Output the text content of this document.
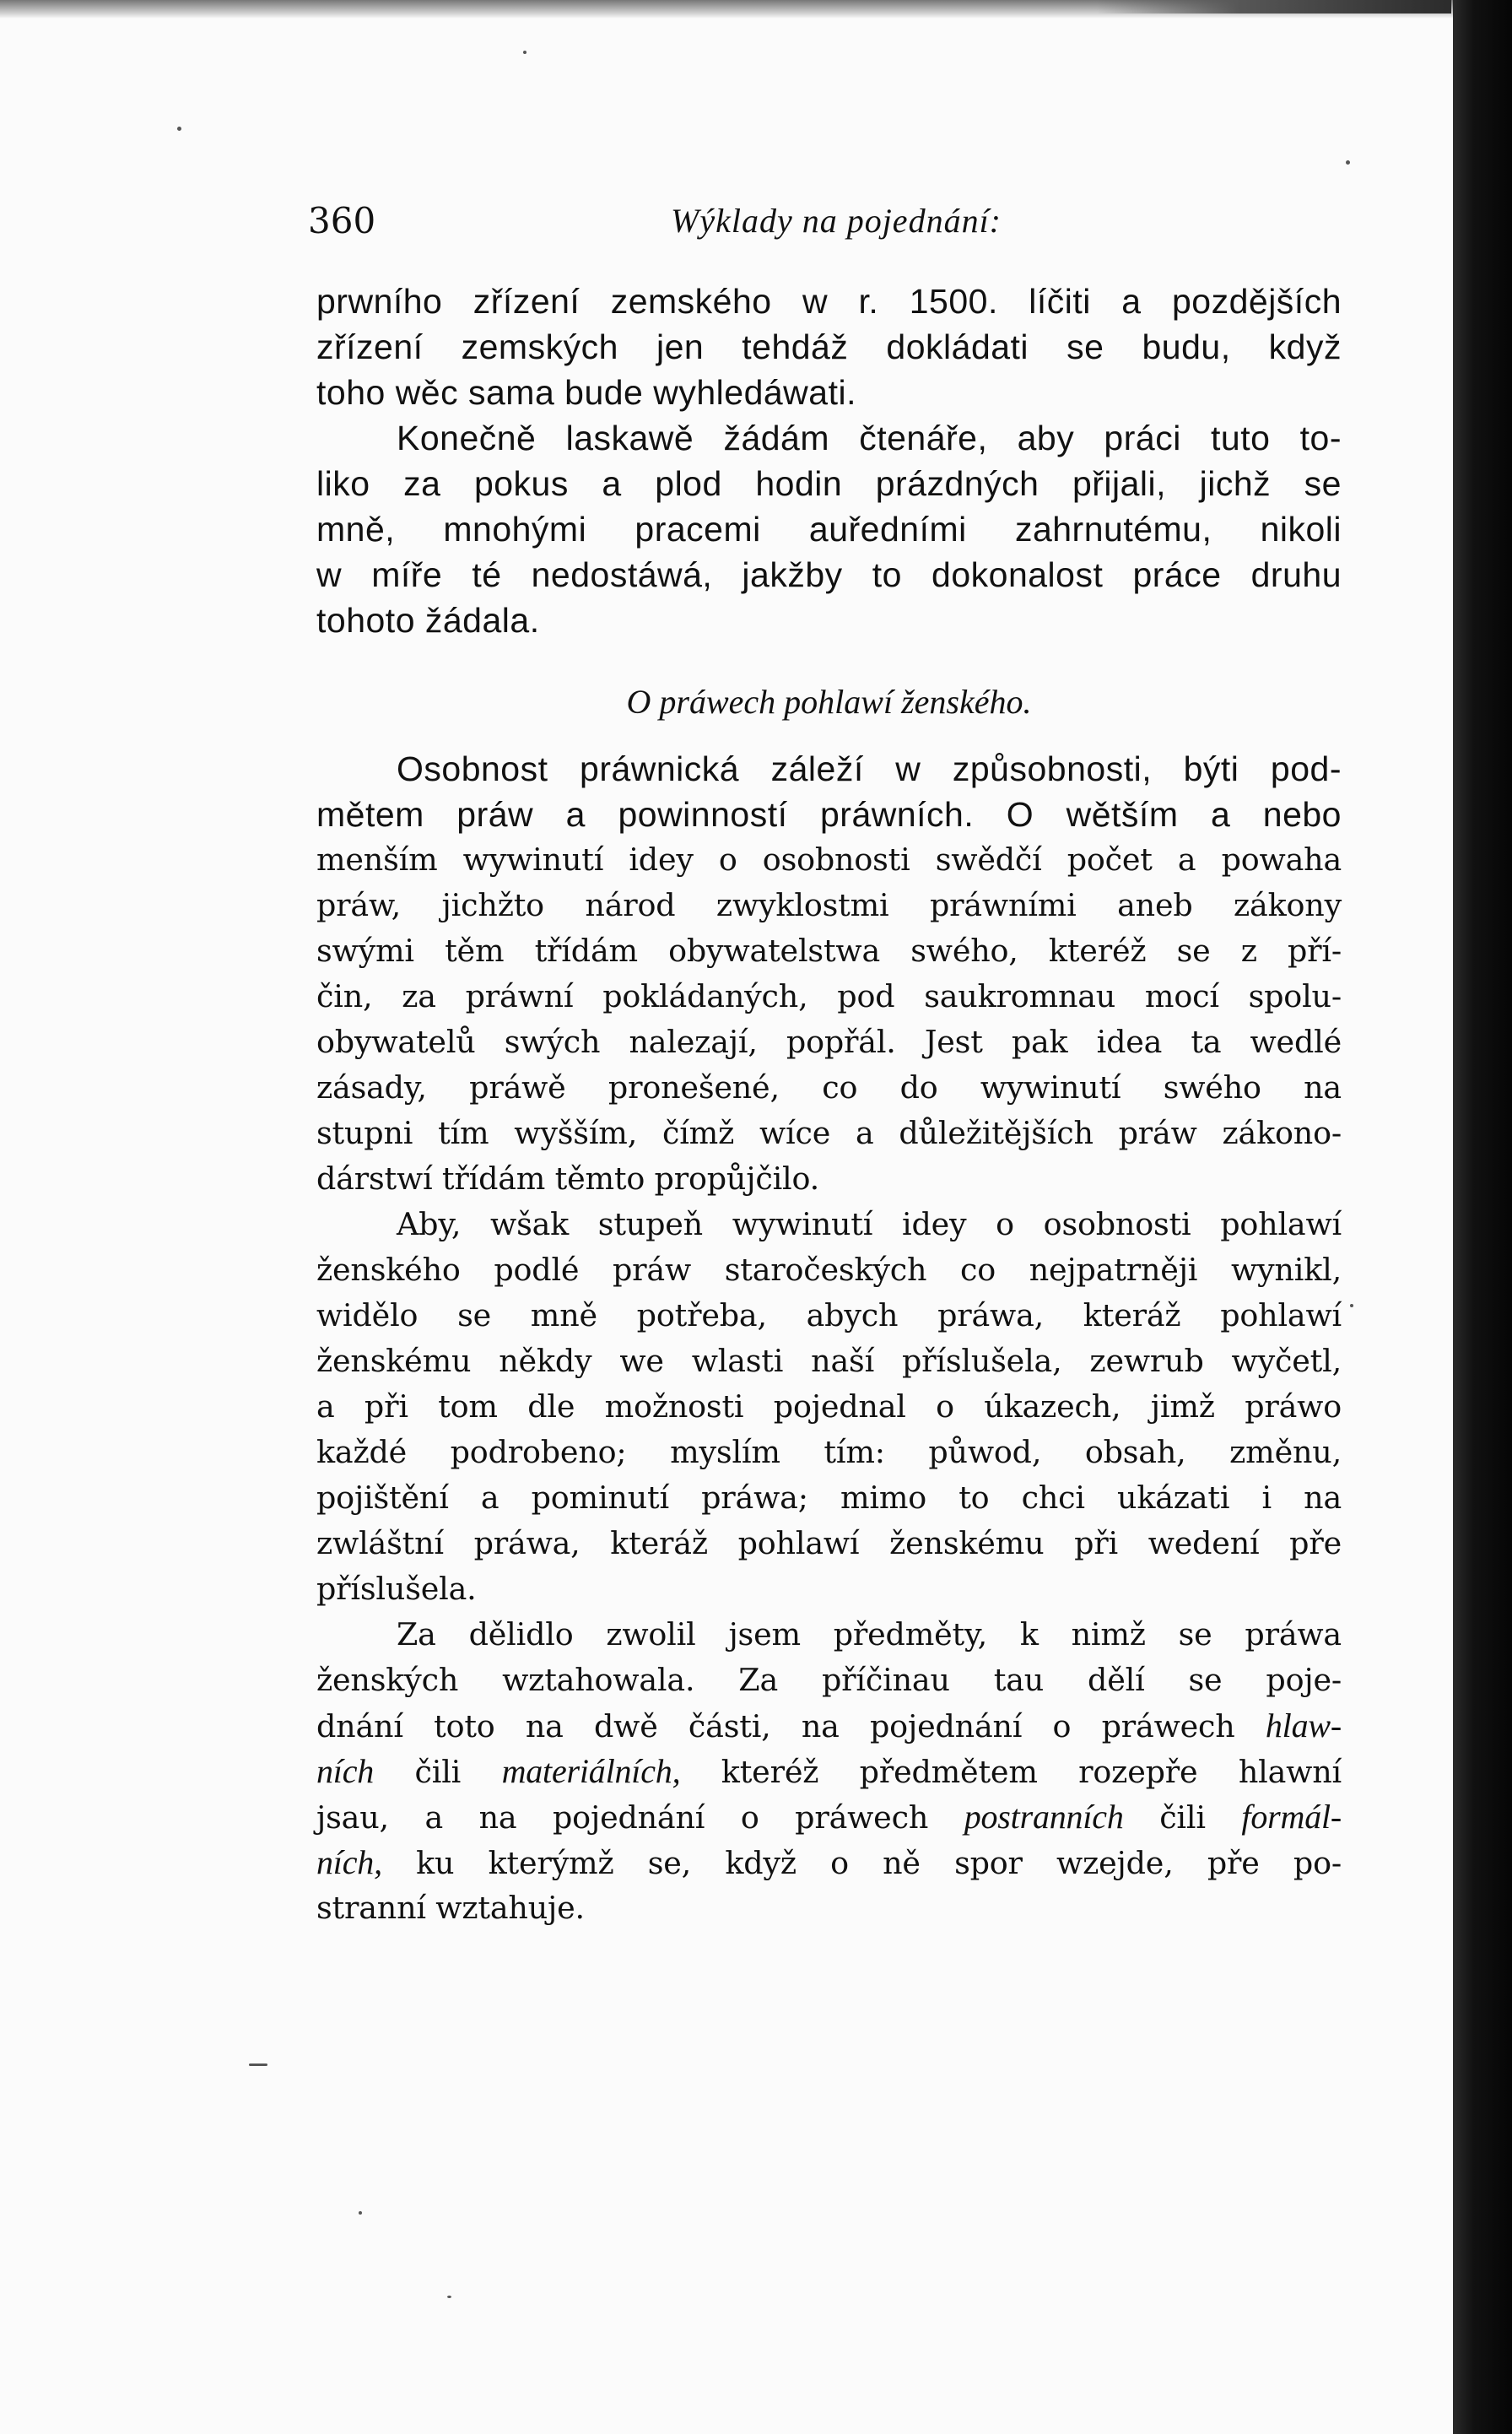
360	Wýklady na pojednání:
prwního zřízení zemského w r. 1500. líčiti a pozdějších
zřízení zemských jen tehdáž dokládati se budu, když
toho wěc sama bude wyhledáwati.
Konečně laskawě žádám čtenáře, aby práci tuto to-
liko za pokus a plod hodin prázdných přijali, jichž se
mně, mnohými pracemi auředními zahrnutému, nikoli
w míře té nedostáwá, jakžby to dokonalost práce druhu
tohoto žádala.
O práwech pohlawí ženského.
Osobnost práwnická záleží w způsobnosti, býti pod-
mětem práw a powinností práwních. O wětším a nebo
menším wywinutí idey o osobnosti swědčí počet a powaha
práw, jichžto národ zwyklostmi práwními aneb zákony
swými těm třídám obywatelstwa swého, kteréž se z pří-
čin, za práwní pokládaných, pod saukromnau mocí spolu-
obywatelů swých nalezají, popřál. Jest pak idea ta wedlé
zásady, práwě pronešené, co do wywinutí swého na
stupni tím wyšším, čímž wíce a důležitějších práw zákono-
dárstwí třídám těmto propůjčilo.
Aby, wšak stupeň wywinutí idey o osobnosti pohlawí
ženského podlé práw staročeských co nejpatrněji wynikl,
widělo se mně potřeba, abych práwa, kteráž pohlawí
ženskému někdy we wlasti naší příslušela, zewrub wyčetl,
a při tom dle možnosti pojednal o úkazech, jimž práwo
každé podrobeno; myslím tím: půwod, obsah, změnu,
pojištění a pominutí práwa; mimo to chci ukázati i na
zwláštní práwa, kteráž pohlawí ženskému při wedení pře
příslušela.
Za dělidlo zwolil jsem předměty, k nimž se práwa
ženských wztahowala. Za příčinau tau dělí se poje-
dnání toto na dwě části, na pojednání o práwech hlaw-
ních čili materiálních, kteréž předmětem rozepře hlawní
jsau, a na pojednání o práwech postranních čili formál-
ních, ku kterýmž se, když o ně spor wzejde, pře po-
stranní wztahuje.
